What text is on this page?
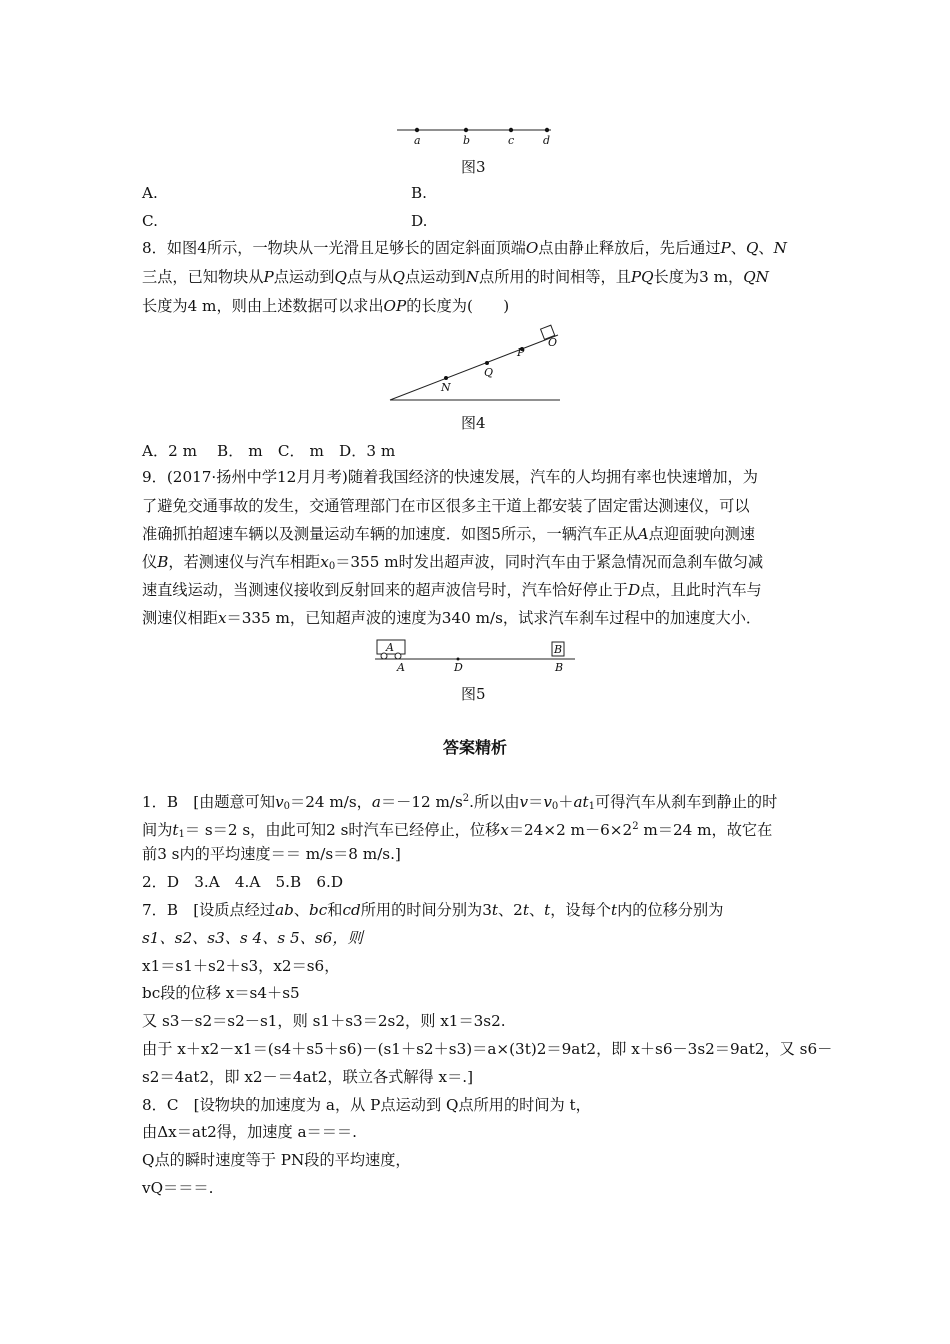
a	b	c	d
图3
A.	B.
C.	D.
8．如图4所示，一物块从一光滑且足够长的固定斜面顶端O点由静止释放后，先后通过P、Q、N
三点，已知物块从P点运动到Q点与从Q点运动到N点所用的时间相等，且PQ长度为3 m，QN
长度为4 m，则由上述数据可以求出OP的长度为(　　)
N
Q
P
O
图4
A．2 m　 B． m　C． m　D．3 m
9．(2017·扬州中学12月月考)随着我国经济的快速发展，汽车的人均拥有率也快速增加，为
了避免交通事故的发生，交通管理部门在市区很多主干道上都安装了固定雷达测速仪，可以
准确抓拍超速车辆以及测量运动车辆的加速度．如图5所示，一辆汽车正从A点迎面驶向测速
仪B，若测速仪与汽车相距$x_0=355$ m时发出超声波，同时汽车由于紧急情况而急刹车做匀减
速直线运动，当测速仪接收到反射回来的超声波信号时，汽车恰好停止于D点，且此时汽车与
测速仪相距x＝335 m，已知超声波的速度为340 m/s，试求汽车刹车过程中的加速度大小．
A	B
A	D	B
图5
答案精析
1．B　[由题意可知$v_0=24$ m/s，a＝－12 $m/s^2$.所以由$v=v_0+at_1$可得汽车从刹车到静止的时
间为$t_1= s=2$ s，由此可知2 s时汽车已经停止，位移x＝24×2 $m-6\times 2^2$ m＝24 m，故它在
前3 s内的平均速度＝＝ m/s＝8 m/s.]
2．D　3.A　4.A　5.B　6.D
7．B　[设质点经过ab、bc和cd所用的时间分别为3t、2t、t，设每个t内的位移分别为
s1、s2、s3、s 4、s 5、s6，则
x1＝s1＋s2＋s3，x2＝s6，
bc段的位移 x＝s4＋s5
又 s3－s2＝s2－s1，则 s1＋s3＝2s2，则 x1＝3s2.
由于 x＋x2－x1＝(s4＋s5＋s6)－(s1＋s2＋s3)＝a×(3t)2＝9at2，即 x＋s6－3s2＝9at2，又 s6－
s2＝4at2，即 x2－＝4at2，联立各式解得 x＝.]
8．C　[设物块的加速度为 a，从 P点运动到 Q点所用的时间为 t，
由Δx＝at2得，加速度 a＝＝＝.
Q点的瞬时速度等于 PN段的平均速度，
vQ＝＝＝.
